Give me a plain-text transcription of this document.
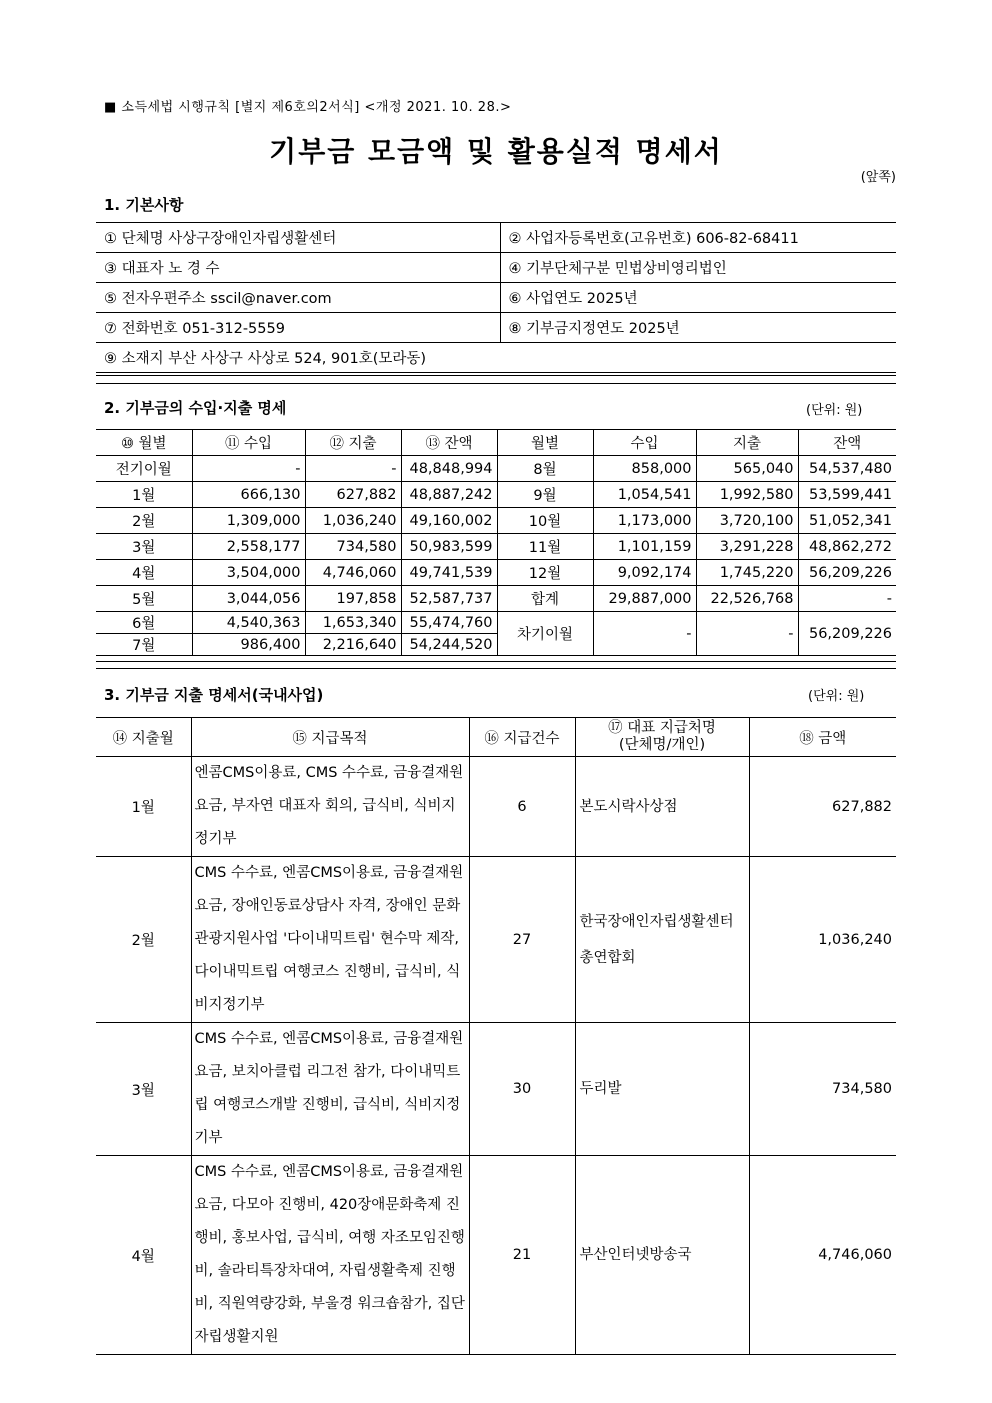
■ 소득세법 시행규칙 [별지 제6호의2서식] <개정 2021. 10. 28.>
기부금 모금액 및 활용실적 명세서
(앞쪽)
1. 기본사항
① 단체명 사상구장애인자립생활센터	② 사업자등록번호(고유번호) 606-82-68411
③ 대표자 노 경 수	④ 기부단체구분 민법상비영리법인
⑤ 전자우편주소 sscil@naver.com	⑥ 사업연도 2025년
⑦ 전화번호 051-312-5559	⑧ 기부금지정연도 2025년
⑨ 소재지 부산 사상구 사상로 524, 901호(모라동)	
2. 기부금의 수입·지출 명세	(단위: 원)
⑩ 월별	⑪ 수입	⑫ 지출	⑬ 잔액	월별	수입	지출	잔액
전기이월	-	-	48,848,994	8월	858,000	565,040	54,537,480
1월	666,130	627,882	48,887,242	9월	1,054,541	1,992,580	53,599,441
2월	1,309,000	1,036,240	49,160,002	10월	1,173,000	3,720,100	51,052,341
3월	2,558,177	734,580	50,983,599	11월	1,101,159	3,291,228	48,862,272
4월	3,504,000	4,746,060	49,741,539	12월	9,092,174	1,745,220	56,209,226
5월	3,044,056	197,858	52,587,737	합계	29,887,000	22,526,768	-
6월	4,540,363	1,653,340	55,474,760	차기이월	-	-	56,209,226
7월	986,400	2,216,640	54,244,520				
3. 기부금 지출 명세서(국내사업)	(단위: 원)
⑭ 지출월	⑮ 지급목적	⑯ 지급건수	⑰ 대표 지급처명
(단체명/개인)	⑱ 금액
1월	엔콤CMS이용료, CMS 수수료, 금융결재원요금, 부자연 대표자 회의, 급식비, 식비지정기부	6	본도시락사상점	627,882
2월	CMS 수수료, 엔콤CMS이용료, 금융결재원요금, 장애인동료상담사 자격, 장애인 문화관광지원사업 '다이내믹트립' 현수막 제작, 다이내믹트립 여행코스 진행비, 급식비, 식비지정기부	27	한국장애인자립생활센터총연합회	1,036,240
3월	CMS 수수료, 엔콤CMS이용료, 금융결재원요금, 보치아클럽 리그전 참가, 다이내믹트립 여행코스개발 진행비, 급식비, 식비지정기부	30	두리발	734,580
4월	CMS 수수료, 엔콤CMS이용료, 금융결재원요금, 다모아 진행비, 420장애문화축제 진행비, 홍보사업, 급식비, 여행 자조모임진행비, 솔라티특장차대여, 자립생활축제 진행비, 직원역량강화, 부울경 워크숍참가, 집단자립생활지원	21	부산인터넷방송국	4,746,060
